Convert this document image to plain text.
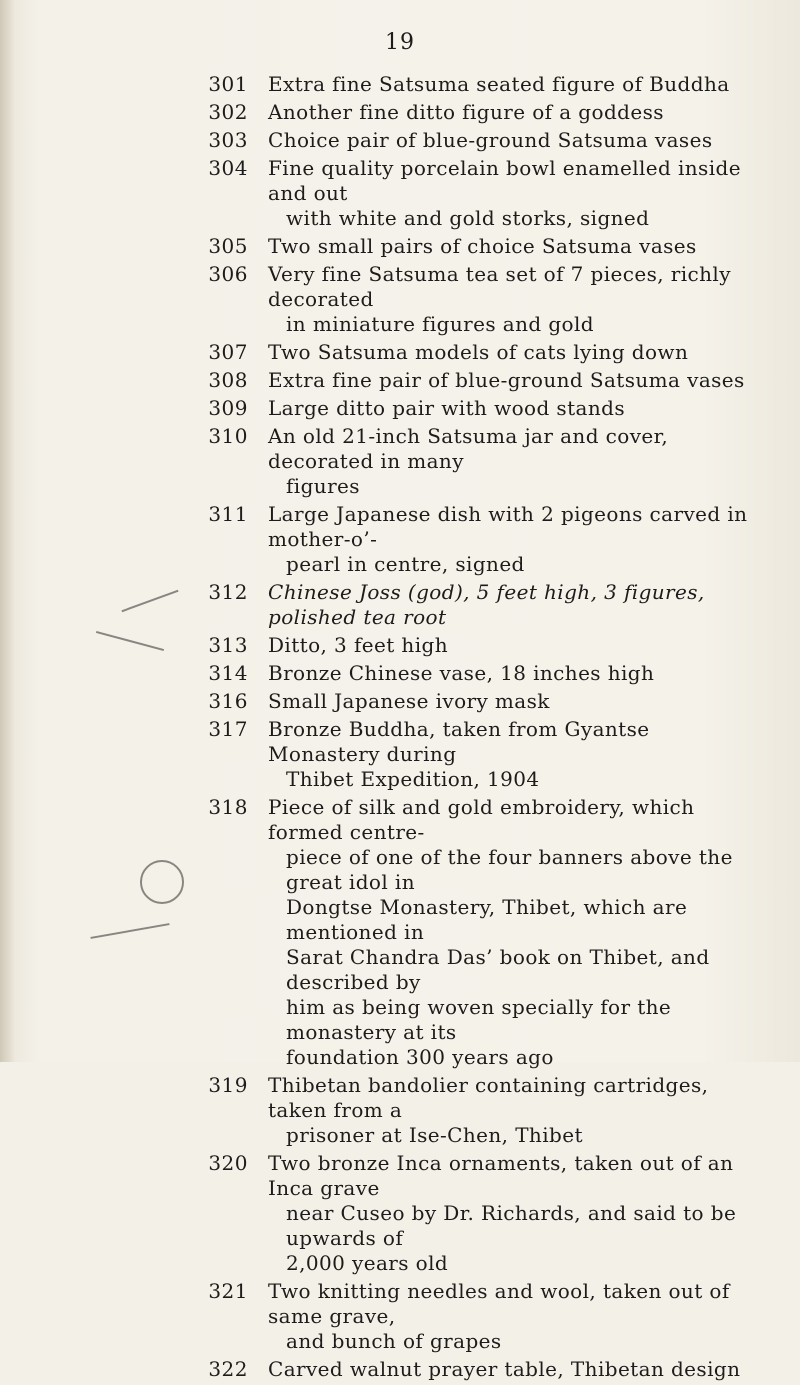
19
301 Extra fine Satsuma seated figure of Buddha
302 Another fine ditto figure of a goddess
303 Choice pair of blue-ground Satsuma vases
304 Fine quality porcelain bowl enamelled inside and out
with white and gold storks, signed
305 Two small pairs of choice Satsuma vases
306 Very fine Satsuma tea set of 7 pieces, richly decorated
in miniature figures and gold
307 Two Satsuma models of cats lying down
308 Extra fine pair of blue-ground Satsuma vases
309 Large ditto pair with wood stands
310 An old 21-inch Satsuma jar and cover, decorated in many
figures
311 Large Japanese dish with 2 pigeons carved in mother-o’-
pearl in centre, signed
312 Chinese Joss (god), 5 feet high, 3 figures, polished tea root
313 Ditto, 3 feet high
314 Bronze Chinese vase, 18 inches high
316 Small Japanese ivory mask
317 Bronze Buddha, taken from Gyantse Monastery during
Thibet Expedition, 1904
318 Piece of silk and gold embroidery, which formed centre-
piece of one of the four banners above the great idol in
Dongtse Monastery, Thibet, which are mentioned in
Sarat Chandra Das’ book on Thibet, and described by
him as being woven specially for the monastery at its
foundation 300 years ago
319 Thibetan bandolier containing cartridges, taken from a
prisoner at Ise-Chen, Thibet
320 Two bronze Inca ornaments, taken out of an Inca grave
near Cuseo by Dr. Richards, and said to be upwards of
2,000 years old
321 Two knitting needles and wool, taken out of same grave,
and bunch of grapes
322 Carved walnut prayer table, Thibetan design
